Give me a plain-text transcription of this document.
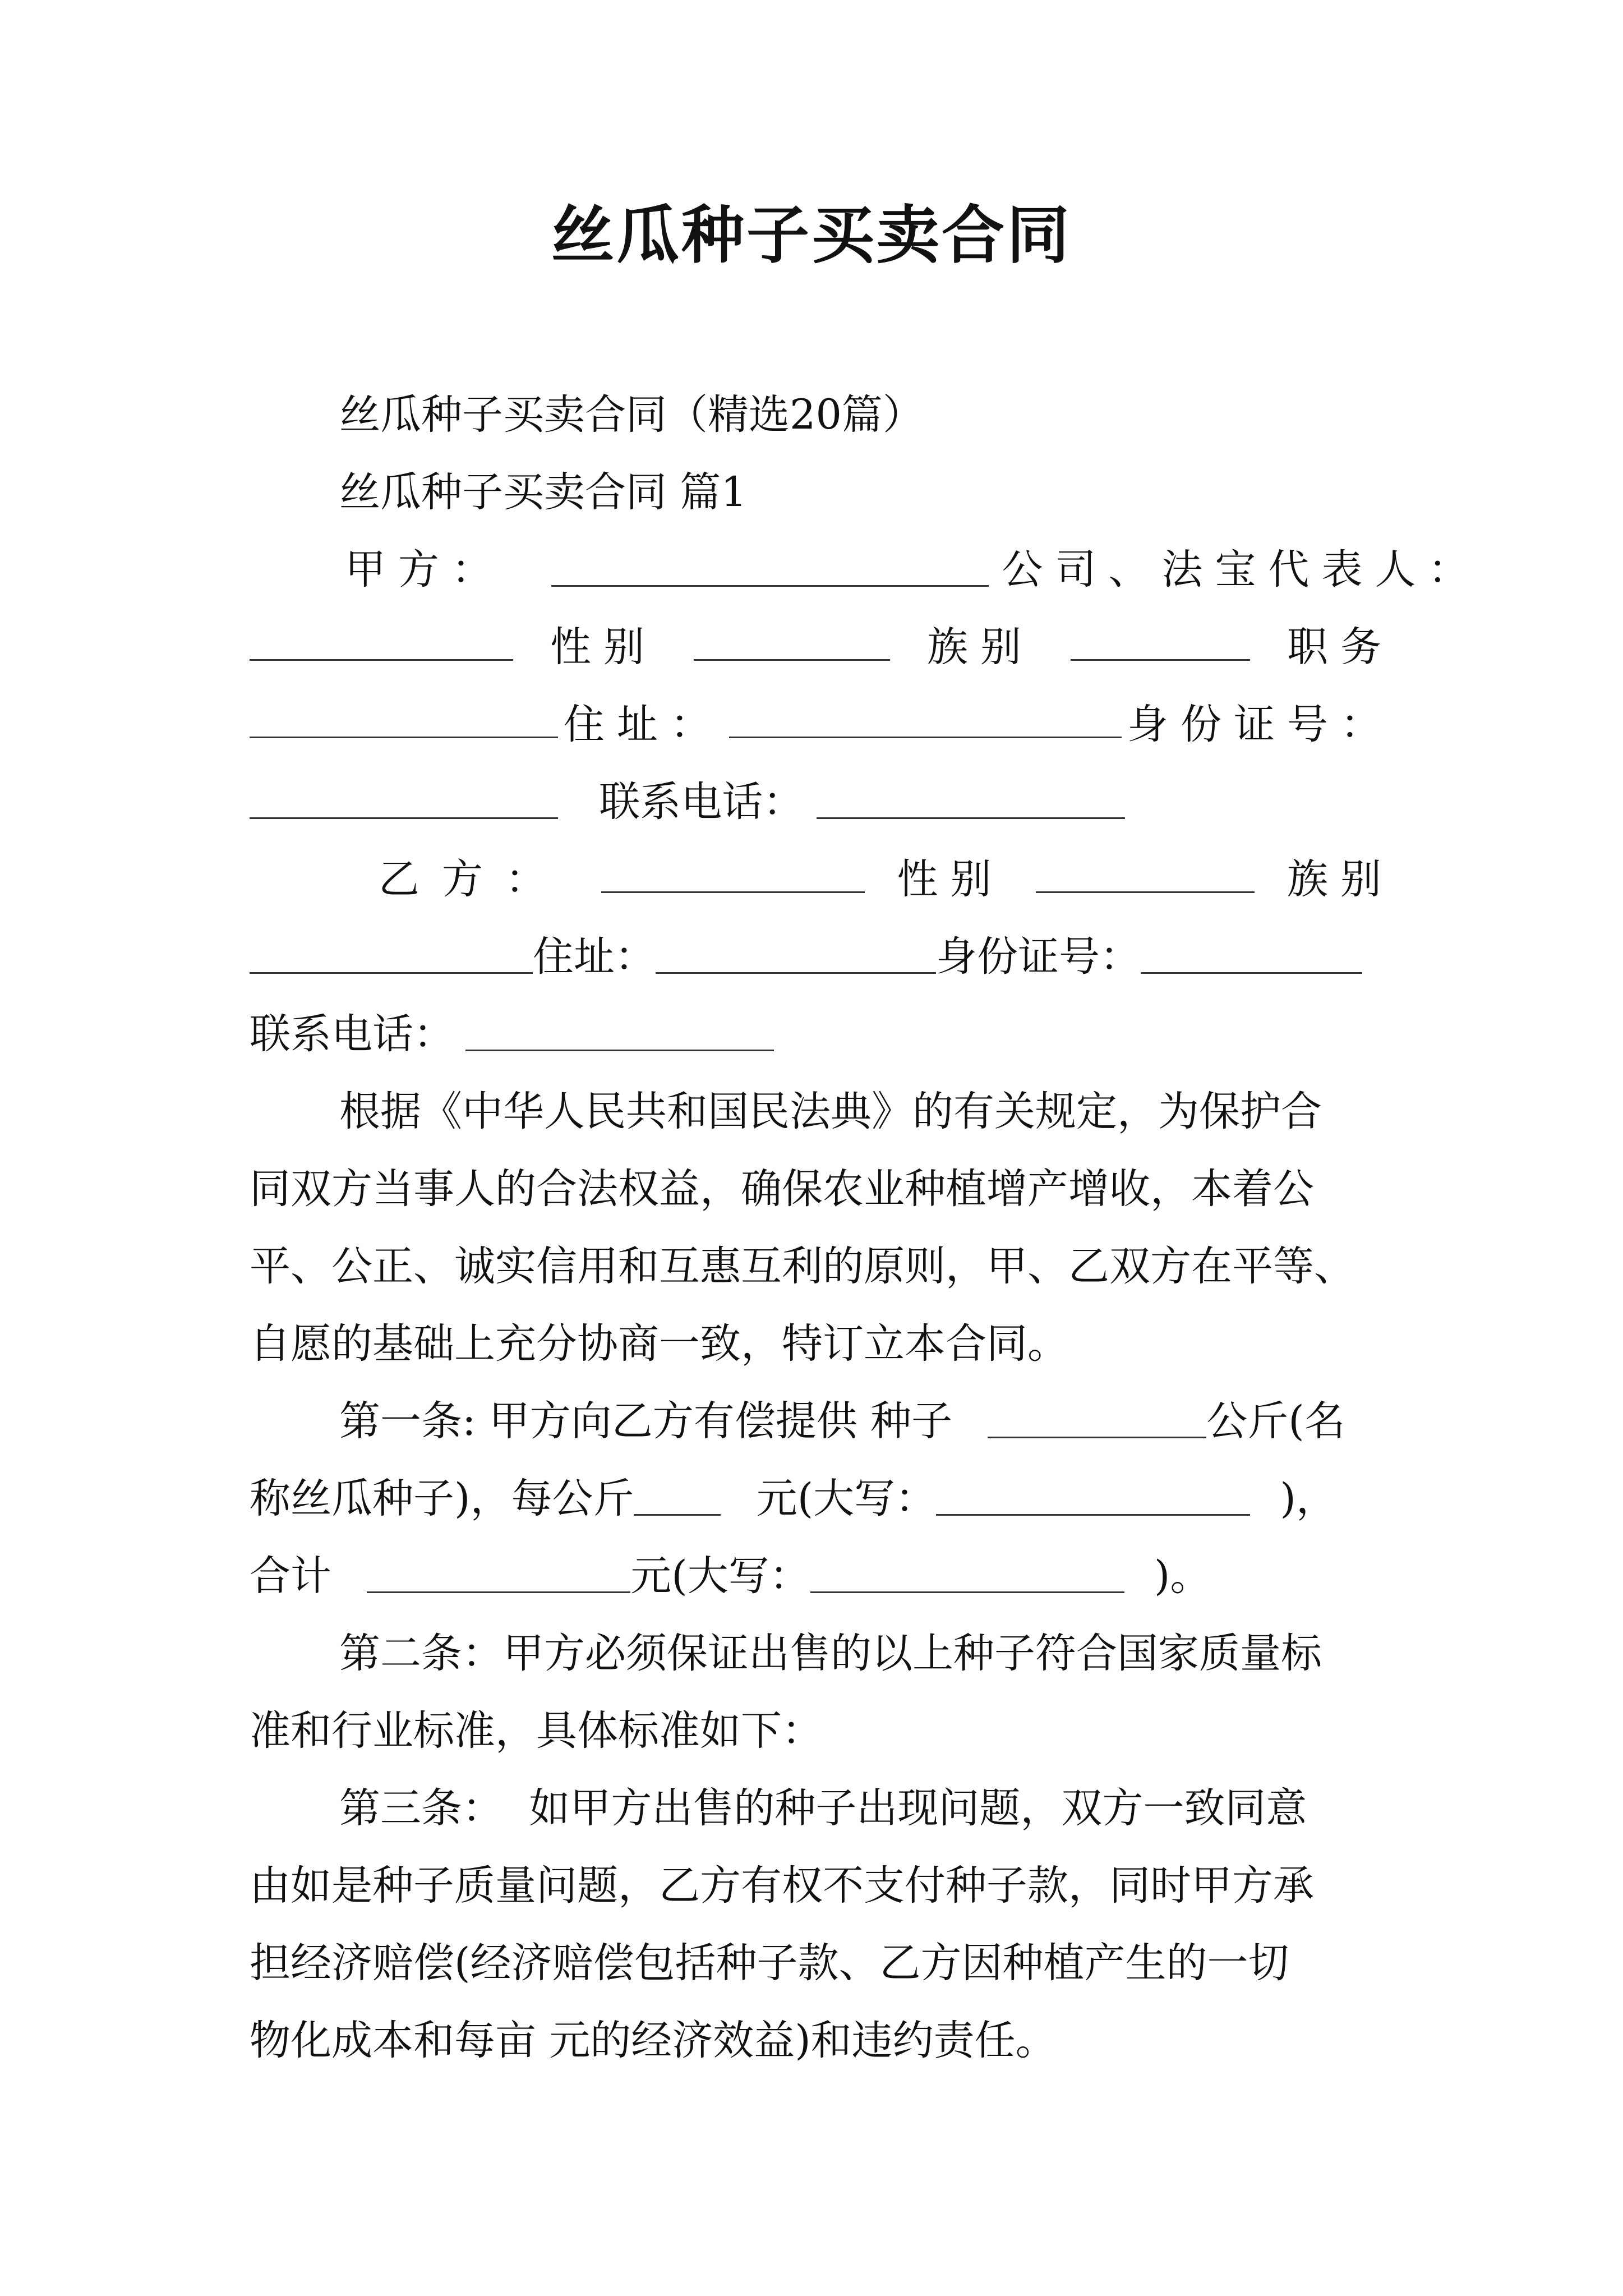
丝瓜种子买卖合同
丝瓜种子买卖合同（精选20篇）
丝瓜种子买卖合同 篇1
甲方：	公司、法宝代表人：
性别	族别	职务
住址：	身份证号：
联系电话：
乙方：	性别	族别
住址：	身份证号：
联系电话：
根据《中华人民共和国民法典》的有关规定，为保护合
同双方当事人的合法权益，确保农业种植增产增收，本着公
平、公正、诚实信用和互惠互利的原则，甲、乙双方在平等、
自愿的基础上充分协商一致，特订立本合同。
第一条: 甲方向乙方有偿提供 种子	公斤(名
称丝瓜种子)，每公斤	元(大写：	)，
合计	元(大写：	)。
第二条：甲方必须保证出售的以上种子符合国家质量标
准和行业标准，具体标准如下：
第三条：  如甲方出售的种子出现问题，双方一致同意
由如是种子质量问题，乙方有权不支付种子款，同时甲方承
担经济赔偿(经济赔偿包括种子款、乙方因种植产生的一切
物化成本和每亩 元的经济效益)和违约责任。
